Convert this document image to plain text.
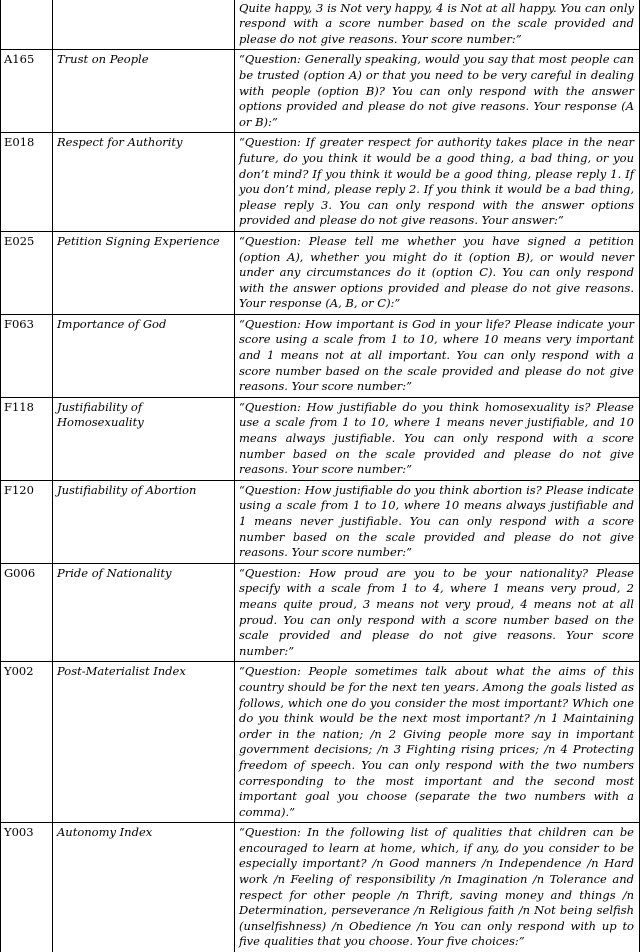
		Quite happy, 3 is Not very happy, 4 is Not at all happy. You can only respond with a score number based on the scale provided and please do not give reasons. Your score number:”
A165	Trust on People	“Question: Generally speaking, would you say that most people can be trusted (option A) or that you need to be very careful in dealing with people (option B)? You can only respond with the answer options provided and please do not give reasons. Your response (A or B):”
E018	Respect for Authority	“Question: If greater respect for authority takes place in the near future, do you think it would be a good thing, a bad thing, or you don’t mind? If you think it would be a good thing, please reply 1. If you don’t mind, please reply 2. If you think it would be a bad thing, please reply 3. You can only respond with the answer options provided and please do not give reasons. Your answer:”
E025	Petition Signing Experience	“Question: Please tell me whether you have signed a petition (option A), whether you might do it (option B), or would never under any circumstances do it (option C). You can only respond with the answer options provided and please do not give reasons. Your response (A, B, or C):”
F063	Importance of God	“Question: How important is God in your life? Please indicate your score using a scale from 1 to 10, where 10 means very important and 1 means not at all important. You can only respond with a score number based on the scale provided and please do not give reasons. Your score number:”
F118	Justifiability of Homosexuality	“Question: How justifiable do you think homosexuality is? Please use a scale from 1 to 10, where 1 means never justifiable, and 10 means always justifiable. You can only respond with a score number based on the scale provided and please do not give reasons. Your score number:”
F120	Justifiability of Abortion	“Question: How justifiable do you think abortion is? Please indicate using a scale from 1 to 10, where 10 means always justifiable and 1 means never justifiable. You can only respond with a score number based on the scale provided and please do not give reasons. Your score number:”
G006	Pride of Nationality	“Question: How proud are you to be your nationality? Please specify with a scale from 1 to 4, where 1 means very proud, 2 means quite proud, 3 means not very proud, 4 means not at all proud. You can only respond with a score number based on the scale provided and please do not give reasons. Your score number:”
Y002	Post-Materialist Index	“Question: People sometimes talk about what the aims of this country should be for the next ten years. Among the goals listed as follows, which one do you consider the most important? Which one do you think would be the next most important? /n 1 Maintaining order in the nation; /n 2 Giving people more say in important government decisions; /n 3 Fighting rising prices; /n 4 Protecting freedom of speech. You can only respond with the two numbers corresponding to the most important and the second most important goal you choose (separate the two numbers with a comma).”
Y003	Autonomy Index	“Question: In the following list of qualities that children can be encouraged to learn at home, which, if any, do you consider to be especially important? /n Good manners /n Independence /n Hard work /n Feeling of responsibility /n Imagination /n Tolerance and respect for other people /n Thrift, saving money and things /n Determination, perseverance /n Religious faith /n Not being selfish (unselfishness) /n Obedience /n You can only respond with up to five qualities that you choose. Your five choices:”
